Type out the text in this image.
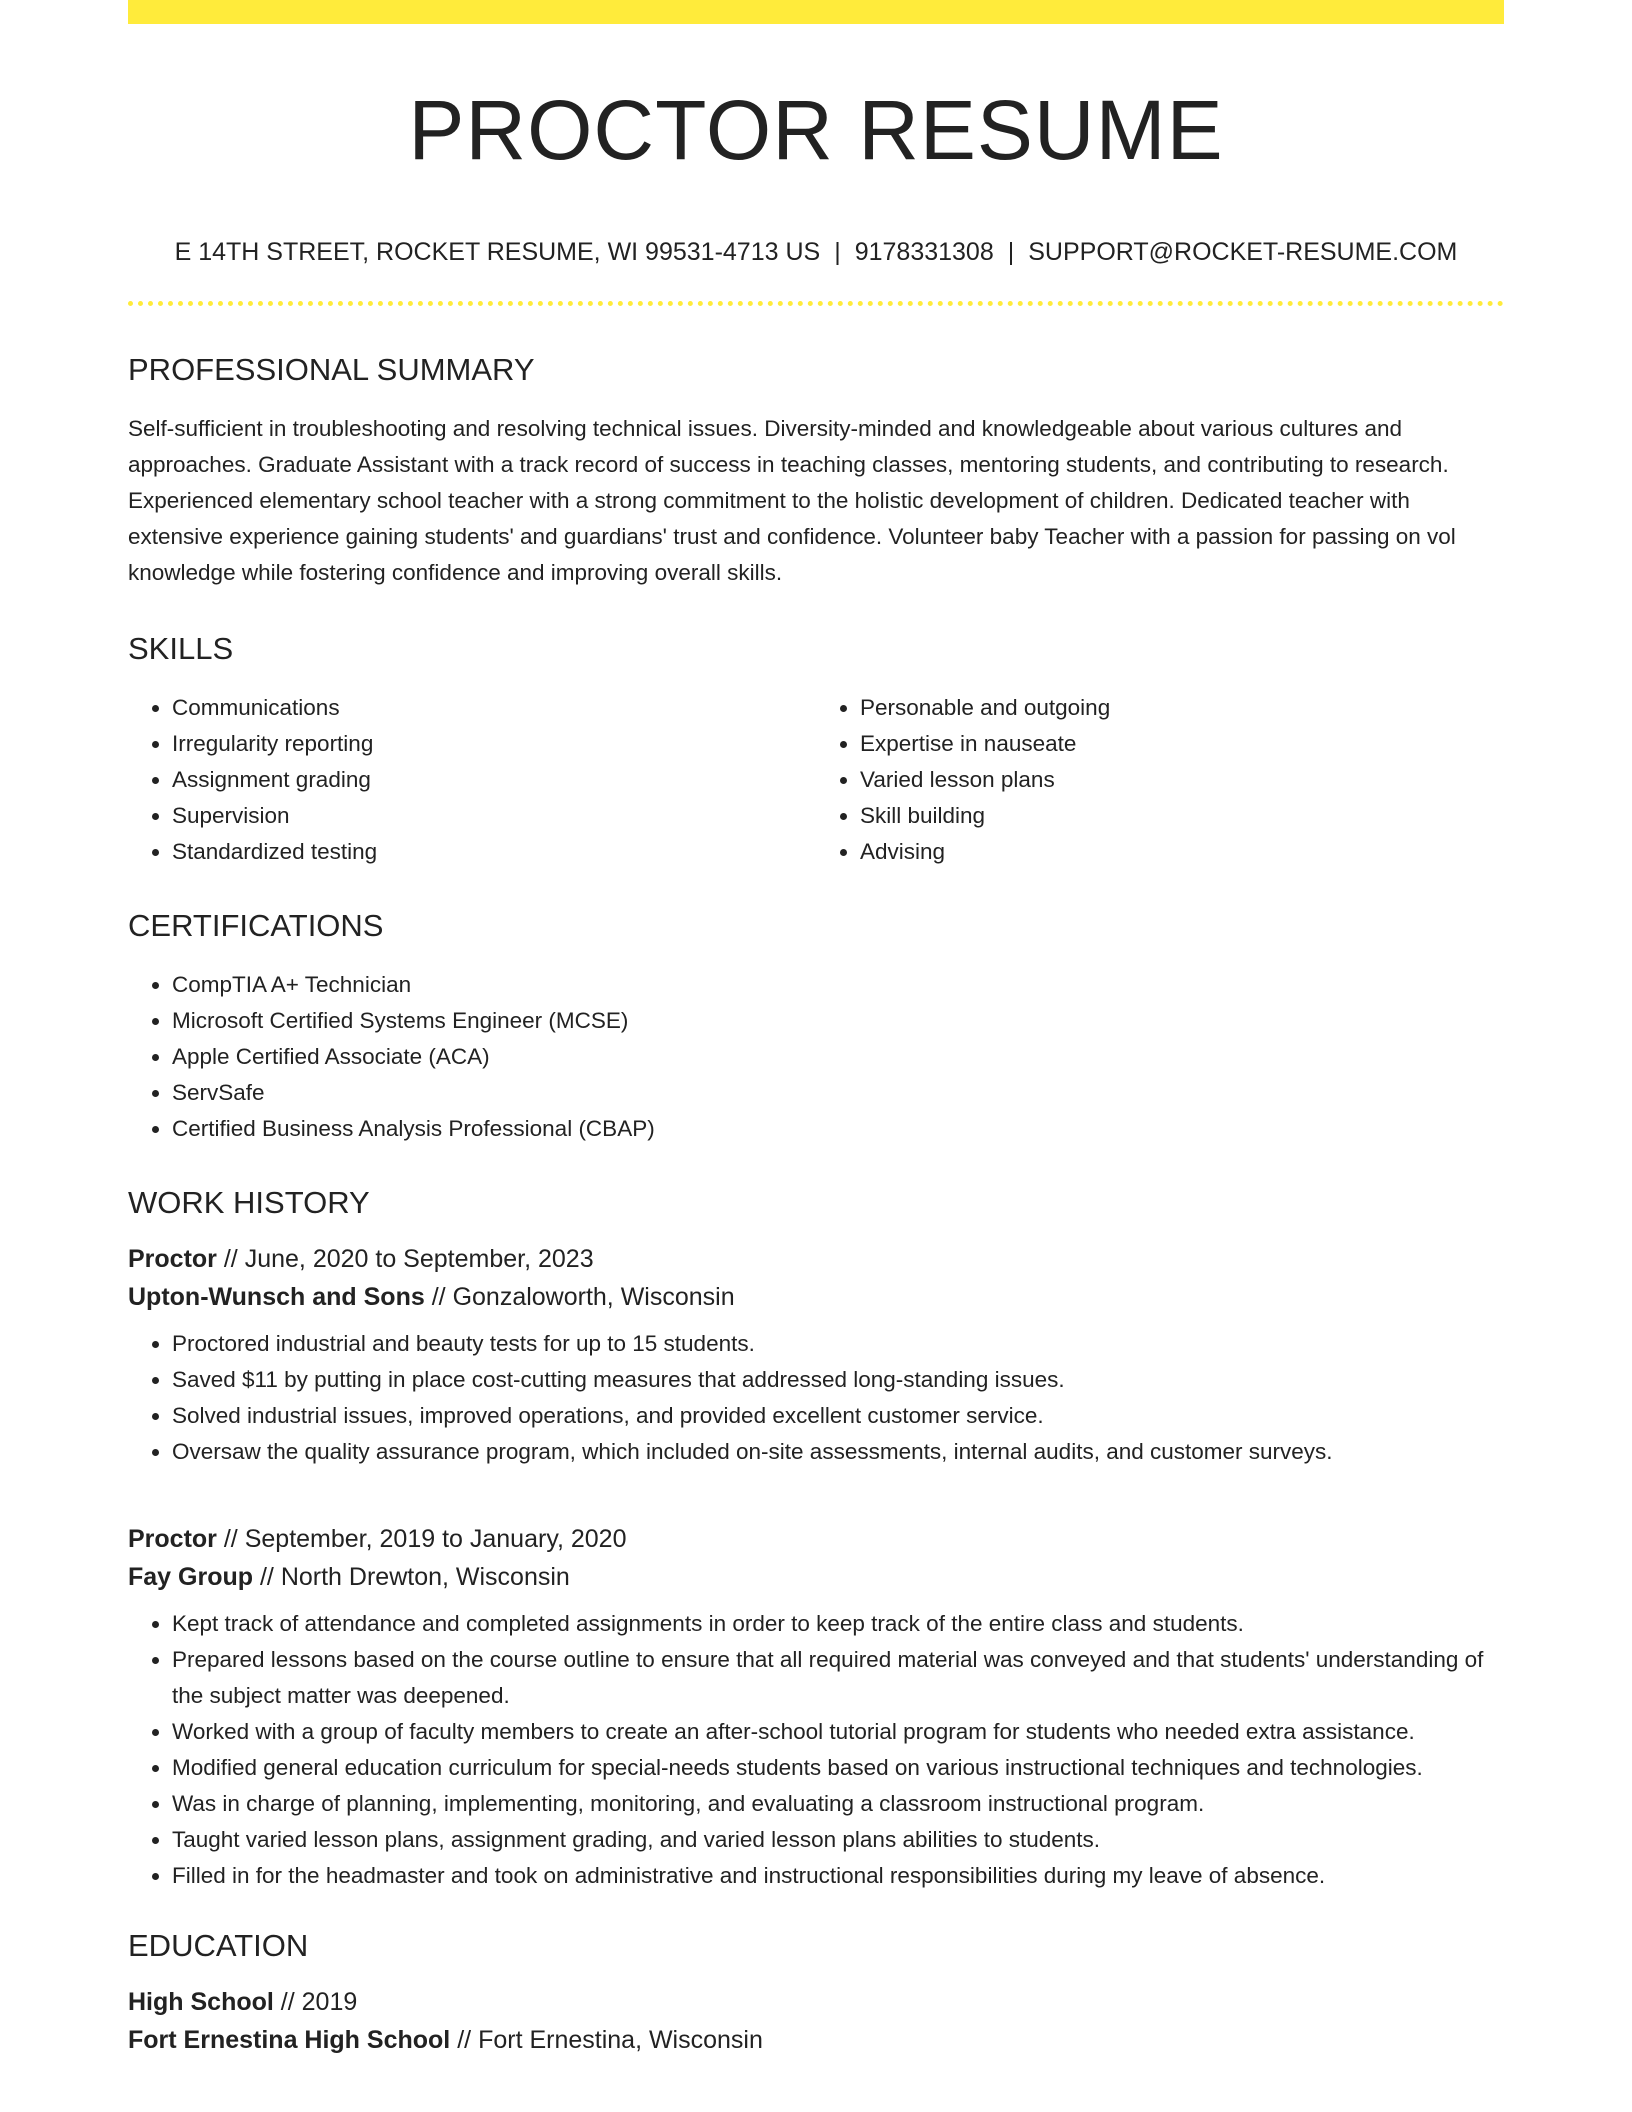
PROCTOR RESUME
E 14TH STREET, ROCKET RESUME, WI 99531-4713 US | 9178331308 | SUPPORT@ROCKET-RESUME.COM
PROFESSIONAL SUMMARY

Self-sufficient in troubleshooting and resolving technical issues. Diversity-minded and knowledgeable about various cultures and approaches. Graduate Assistant with a track record of success in teaching classes, mentoring students, and contributing to research. Experienced elementary school teacher with a strong commitment to the holistic development of children. Dedicated teacher with extensive experience gaining students' and guardians' trust and confidence. Volunteer baby Teacher with a passion for passing on vol knowledge while fostering confidence and improving overall skills.

SKILLS
• Communications
• Irregularity reporting
• Assignment grading
• Supervision
• Standardized testing
• Personable and outgoing
• Expertise in nauseate
• Varied lesson plans
• Skill building
• Advising
CERTIFICATIONS
• CompTIA A+ Technician
• Microsoft Certified Systems Engineer (MCSE)
• Apple Certified Associate (ACA)
• ServSafe
• Certified Business Analysis Professional (CBAP)
WORK HISTORY
Proctor // June, 2020 to September, 2023
Upton-Wunsch and Sons // Gonzaloworth, Wisconsin
• Proctored industrial and beauty tests for up to 15 students.
• Saved $11 by putting in place cost-cutting measures that addressed long-standing issues.
• Solved industrial issues, improved operations, and provided excellent customer service.
• Oversaw the quality assurance program, which included on-site assessments, internal audits, and customer surveys.
Proctor // September, 2019 to January, 2020
Fay Group // North Drewton, Wisconsin
• Kept track of attendance and completed assignments in order to keep track of the entire class and students.
• Prepared lessons based on the course outline to ensure that all required material was conveyed and that students' understanding of the subject matter was deepened.
• Worked with a group of faculty members to create an after-school tutorial program for students who needed extra assistance.
• Modified general education curriculum for special-needs students based on various instructional techniques and technologies.
• Was in charge of planning, implementing, monitoring, and evaluating a classroom instructional program.
• Taught varied lesson plans, assignment grading, and varied lesson plans abilities to students.
• Filled in for the headmaster and took on administrative and instructional responsibilities during my leave of absence.
EDUCATION
High School // 2019
Fort Ernestina High School // Fort Ernestina, Wisconsin
